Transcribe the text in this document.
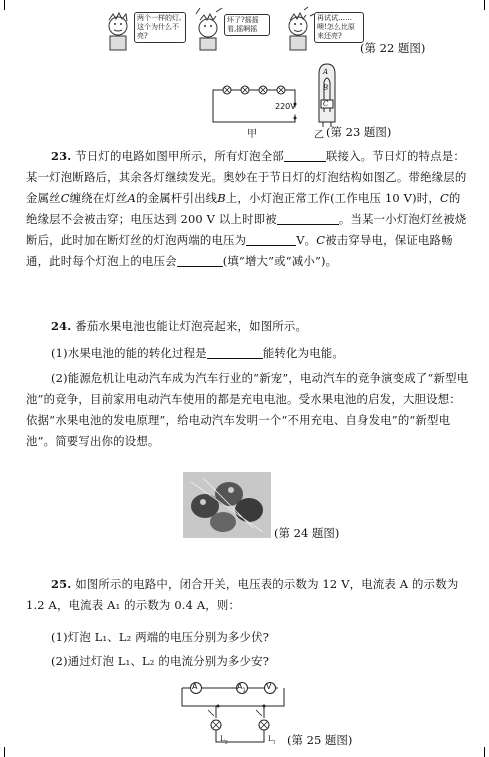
两个一样的灯,这个为什么不亮?
坏了?摇摇看,摇啊摇
再试试……噢!怎么比原来还亮?
(第 22 题图)
220V
甲
A
B
C
乙 (第 23 题图)
23. 节日灯的电路如图甲所示，所有灯泡全部	联接入。节日灯的特点是：某一灯泡断路后，其余各灯继续发光。奥妙在于节日灯的灯泡结构如图乙。带绝缘层的金属丝C缠绕在灯丝A的金属杆引出线B上，小灯泡正常工作(工作电压 10 V)时，C的绝缘层不会被击穿；电压达到 200 V 以上时即被	。当某一小灯泡灯丝被烧断后，此时加在断灯丝的灯泡两端的电压为	V。C被击穿导电，保证电路畅通，此时每个灯泡上的电压会	(填“增大”或“减小”)。
24. 番茄水果电池也能让灯泡亮起来，如图所示。
(1)水果电池的能的转化过程是	能转化为电能。
(2)能源危机让电动汽车成为汽车行业的“新宠”，电动汽车的竞争演变成了“新型电池”的竞争，目前家用电动汽车使用的都是充电电池。受水果电池的启发，大胆设想：依据“水果电池的发电原理”，给电动汽车发明一个“不用充电、自身发电”的“新型电池”。简要写出你的设想。
(第 24 题图)
25. 如图所示的电路中，闭合开关，电压表的示数为 12 V，电流表 A 的示数为 1.2 A，电流表 A₁ 的示数为 0.4 A，则：
(1)灯泡 L₁、L₂ 两端的电压分别为多少伏?
(2)通过灯泡 L₁、L₂ 的电流分别为多少安?
A	$A_1$	V
$L_2$	$L_1$ (第 25 题图)
